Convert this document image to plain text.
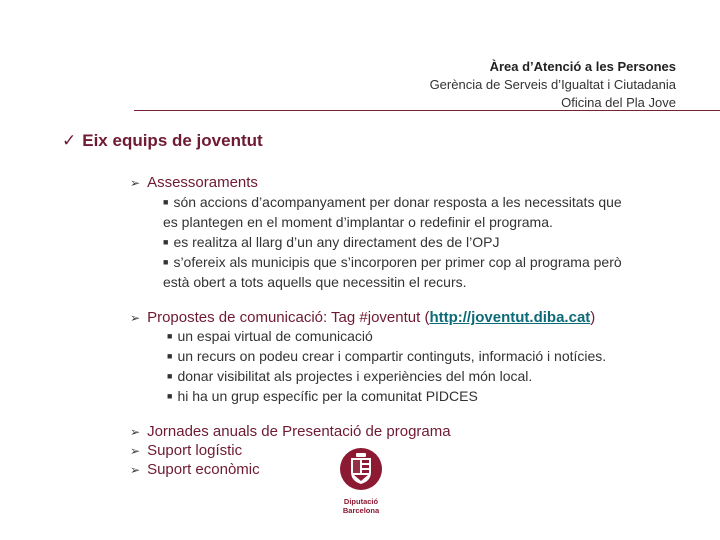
Àrea d’Atenció a les Persones
Gerència de Serveis d’Igualtat i Ciutadania
Oficina del Pla Jove
✓ Eix equips de joventut
➢ Assessoraments
■ són accions d’acompanyament per donar resposta a les necessitats que
es plantegen en el moment d’implantar o redefinir el programa.
■ es realitza al llarg d’un any directament des de l’OPJ
■ s’ofereix als municipis que s’incorporen per primer cop al programa però
està obert a tots aquells que necessitin el recurs.
➢ Propostes de comunicació: Tag #joventut (http://joventut.diba.cat)
■ un espai virtual de comunicació
■ un recurs on podeu crear i compartir continguts, informació i notícies.
■ donar visibilitat als projectes i experiències del món local.
■ hi ha un grup específic per la comunitat PIDCES
➢ Jornades anuals de Presentació de programa
➢ Suport logístic
➢ Suport econòmic
Diputació
Barcelona
